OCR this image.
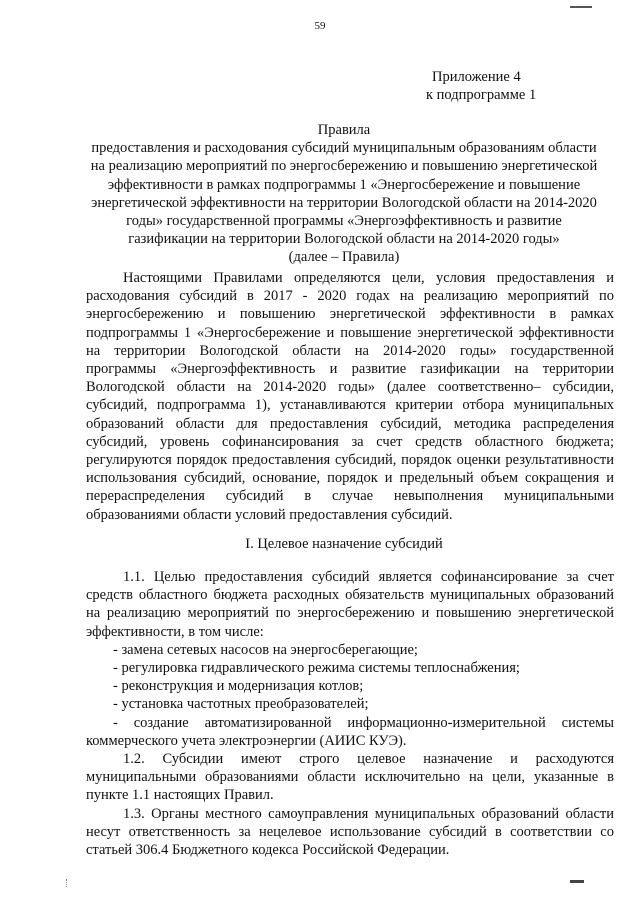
59
Приложение 4
к подпрограмме 1
Правила
предоставления и расходования субсидий муниципальным образованиям области
на реализацию мероприятий по энергосбережению и повышению энергетической
эффективности в рамках подпрограммы 1 «Энергосбережение и повышение
энергетической эффективности на территории Вологодской области на 2014-2020
годы» государственной программы «Энергоэффективность и развитие
газификации на территории Вологодской области на 2014-2020 годы»
(далее – Правила)

Настоящими Правилами определяются цели, условия предоставления и расходования субсидий в 2017 - 2020 годах на реализацию мероприятий по энергосбережению и повышению энергетической эффективности в рамках подпрограммы 1 «Энергосбережение и повышение энергетической эффективности на территории Вологодской области на 2014-2020 годы» государственной программы «Энергоэффективность и развитие газификации на территории Вологодской области на 2014-2020 годы» (далее соответственно– субсидии, субсидий, подпрограмма 1), устанавливаются критерии отбора муниципальных образований области для предоставления субсидий, методика распределения субсидий, уровень софинансирования за счет средств областного бюджета; регулируются порядок предоставления субсидий, порядок оценки результативности использования субсидий, основание, порядок и предельный объем сокращения и перераспределения субсидий в случае невыполнения муниципальными образованиями области условий предоставления субсидий.

I. Целевое назначение субсидий

1.1. Целью предоставления субсидий является софинансирование за счет средств областного бюджета расходных обязательств муниципальных образований на реализацию мероприятий по энергосбережению и повышению энергетической эффективности, в том числе:

- замена сетевых насосов на энергосберегающие;

- регулировка гидравлического режима системы теплоснабжения;

- реконструкция и модернизация котлов;

- установка частотных преобразователей;

- создание автоматизированной информационно-измерительной системы коммерческого учета электроэнергии (АИИС КУЭ).

1.2. Субсидии имеют строго целевое назначение и расходуются муниципальными образованиями области исключительно на цели, указанные в пункте 1.1 настоящих Правил.

1.3. Органы местного самоуправления муниципальных образований области несут ответственность за нецелевое использование субсидий в соответствии со статьей 306.4 Бюджетного кодекса Российской Федерации.
